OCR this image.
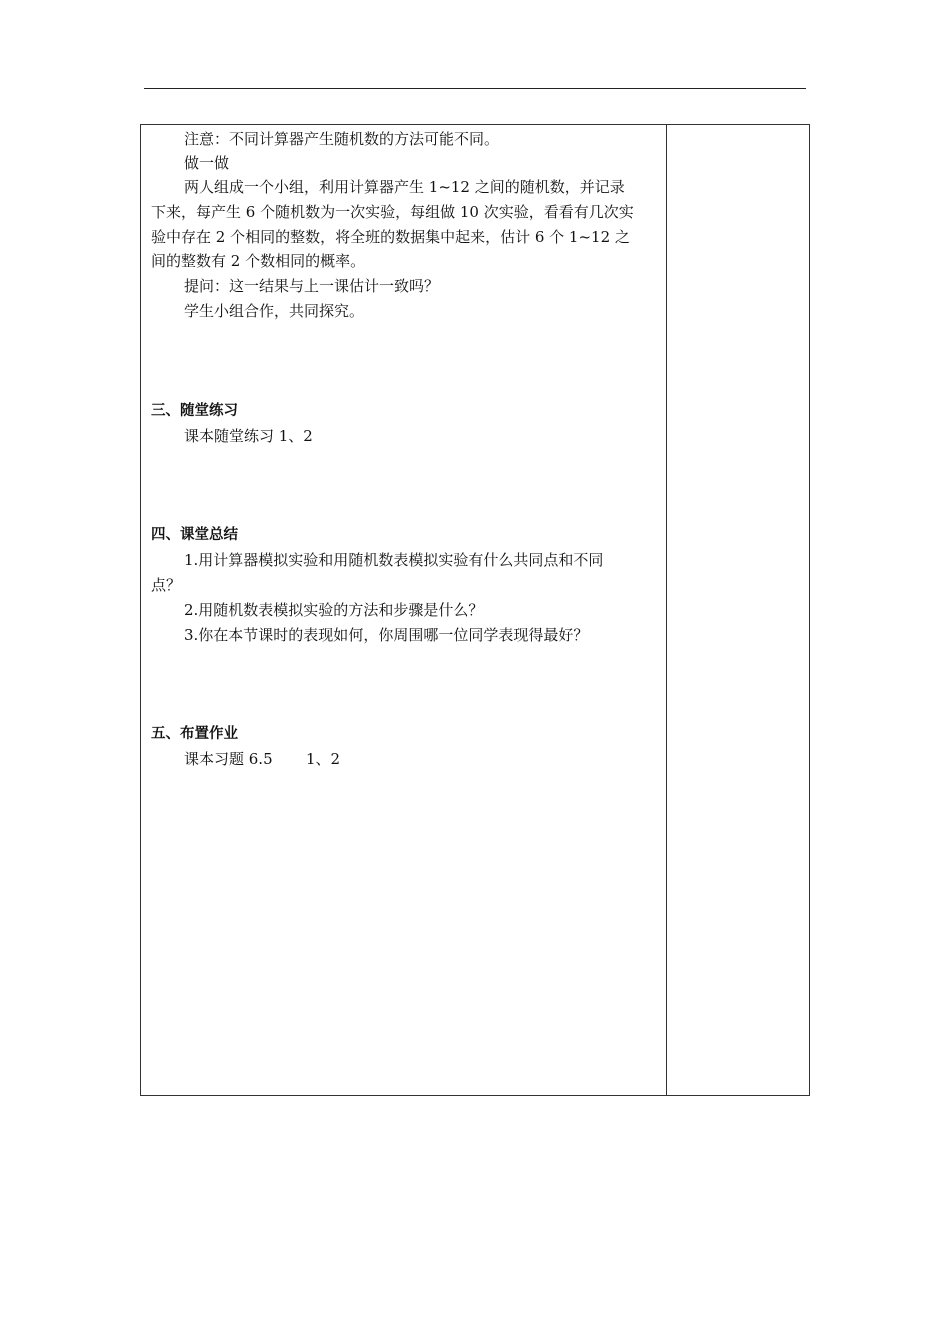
注意：不同计算器产生随机数的方法可能不同。
做一做
两人组成一个小组，利用计算器产生 1~12 之间的随机数，并记录
下来，每产生 6 个随机数为一次实验，每组做 10 次实验，看看有几次实
验中存在 2 个相同的整数，将全班的数据集中起来，估计 6 个 1~12 之
间的整数有 2 个数相同的概率。
提问：这一结果与上一课估计一致吗？
学生小组合作，共同探究。
三、随堂练习
课本随堂练习 1、2
四、课堂总结
1.用计算器模拟实验和用随机数表模拟实验有什么共同点和不同
点？
2.用随机数表模拟实验的方法和步骤是什么？
3.你在本节课时的表现如何，你周围哪一位同学表现得最好？
五、布置作业
课本习题 6.5       1、2
